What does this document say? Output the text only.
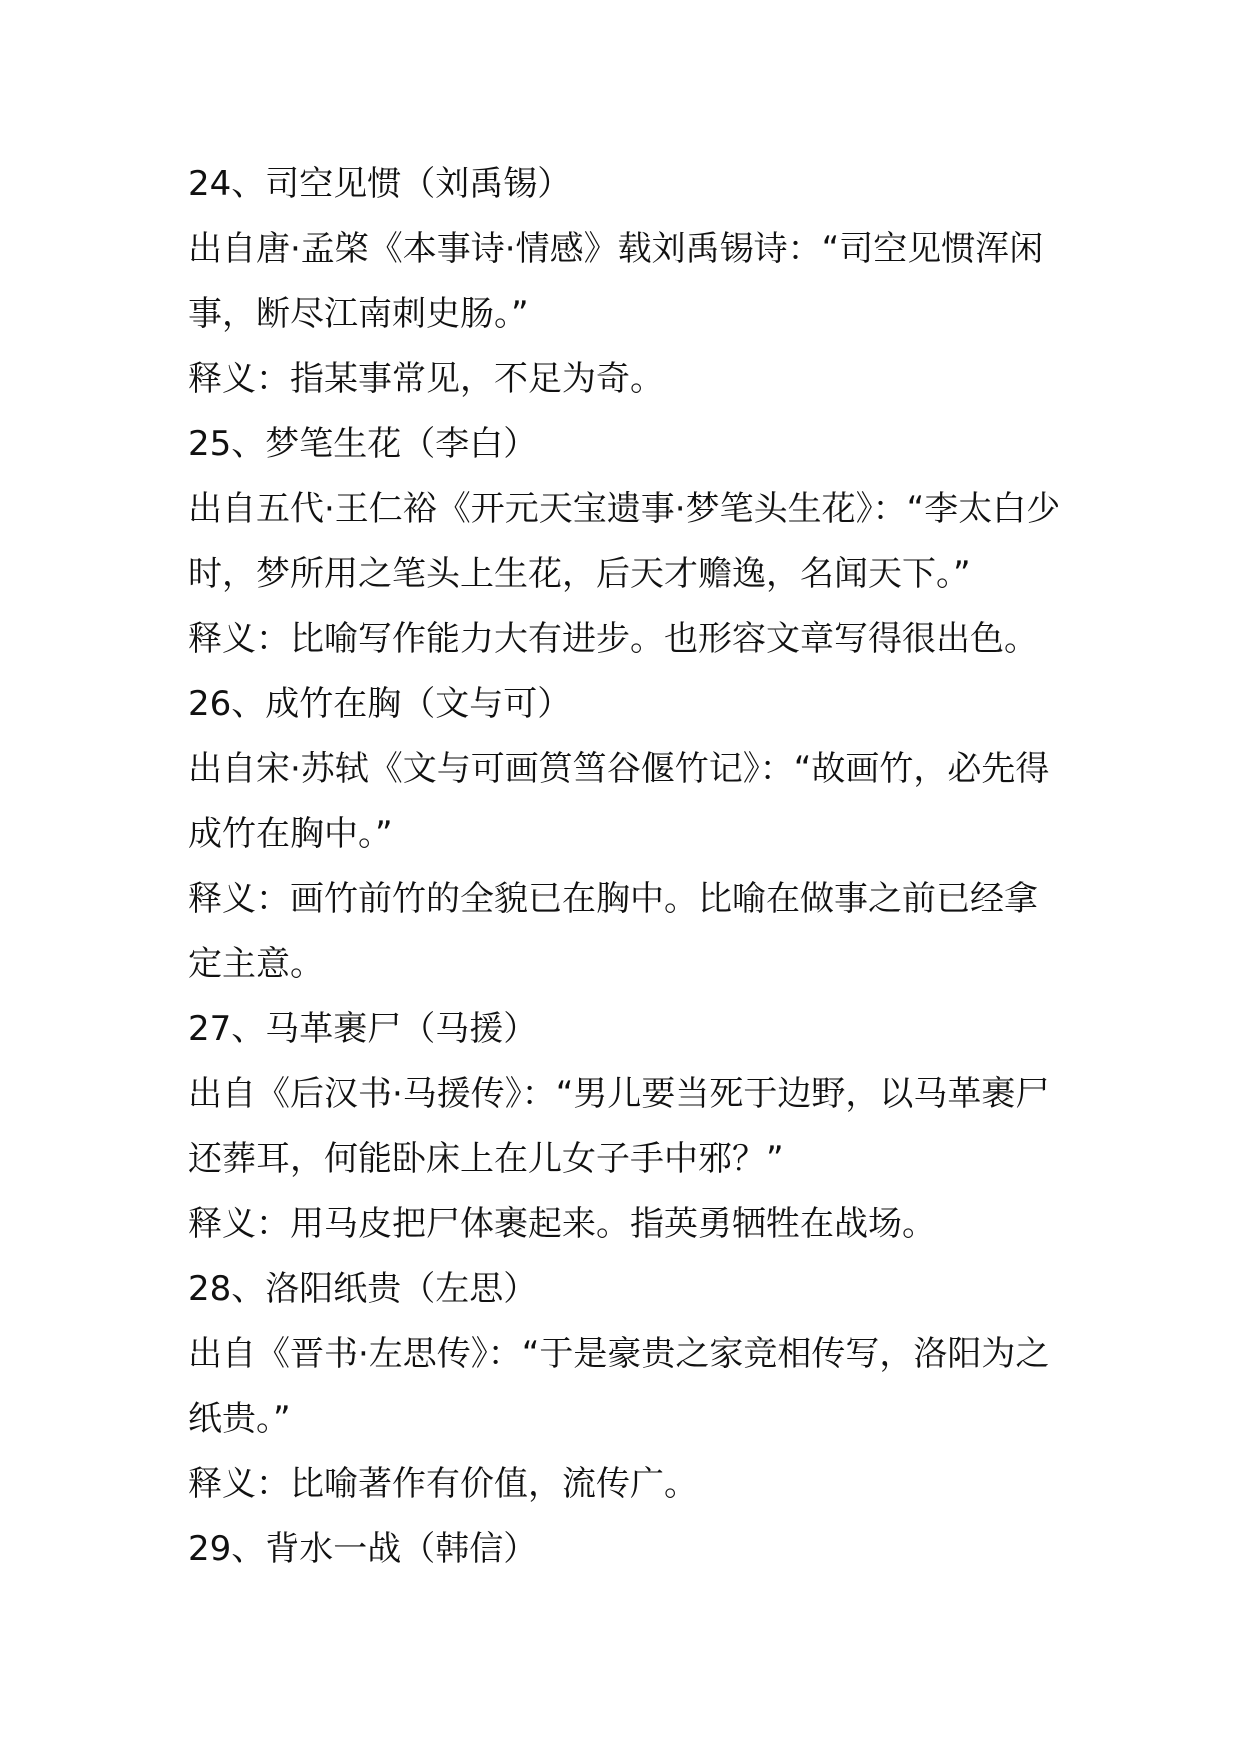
24、司空见惯（刘禹锡）
出自唐·孟棨《本事诗·情感》载刘禹锡诗：“司空见惯浑闲事，断尽江南刺史肠。”
释义：指某事常见，不足为奇。
25、梦笔生花（李白）
出自五代·王仁裕《开元天宝遗事·梦笔头生花》：“李太白少时，梦所用之笔头上生花，后天才赡逸，名闻天下。”
释义：比喻写作能力大有进步。也形容文章写得很出色。
26、成竹在胸（文与可）
出自宋·苏轼《文与可画筼筜谷偃竹记》：“故画竹，必先得成竹在胸中。”
释义：画竹前竹的全貌已在胸中。比喻在做事之前已经拿定主意。
27、马革裹尸（马援）
出自《后汉书·马援传》：“男儿要当死于边野，以马革裹尸还葬耳，何能卧床上在儿女子手中邪？”
释义：用马皮把尸体裹起来。指英勇牺牲在战场。
28、洛阳纸贵（左思）
出自《晋书·左思传》：“于是豪贵之家竞相传写，洛阳为之纸贵。”
释义：比喻著作有价值，流传广。
29、背水一战（韩信）
